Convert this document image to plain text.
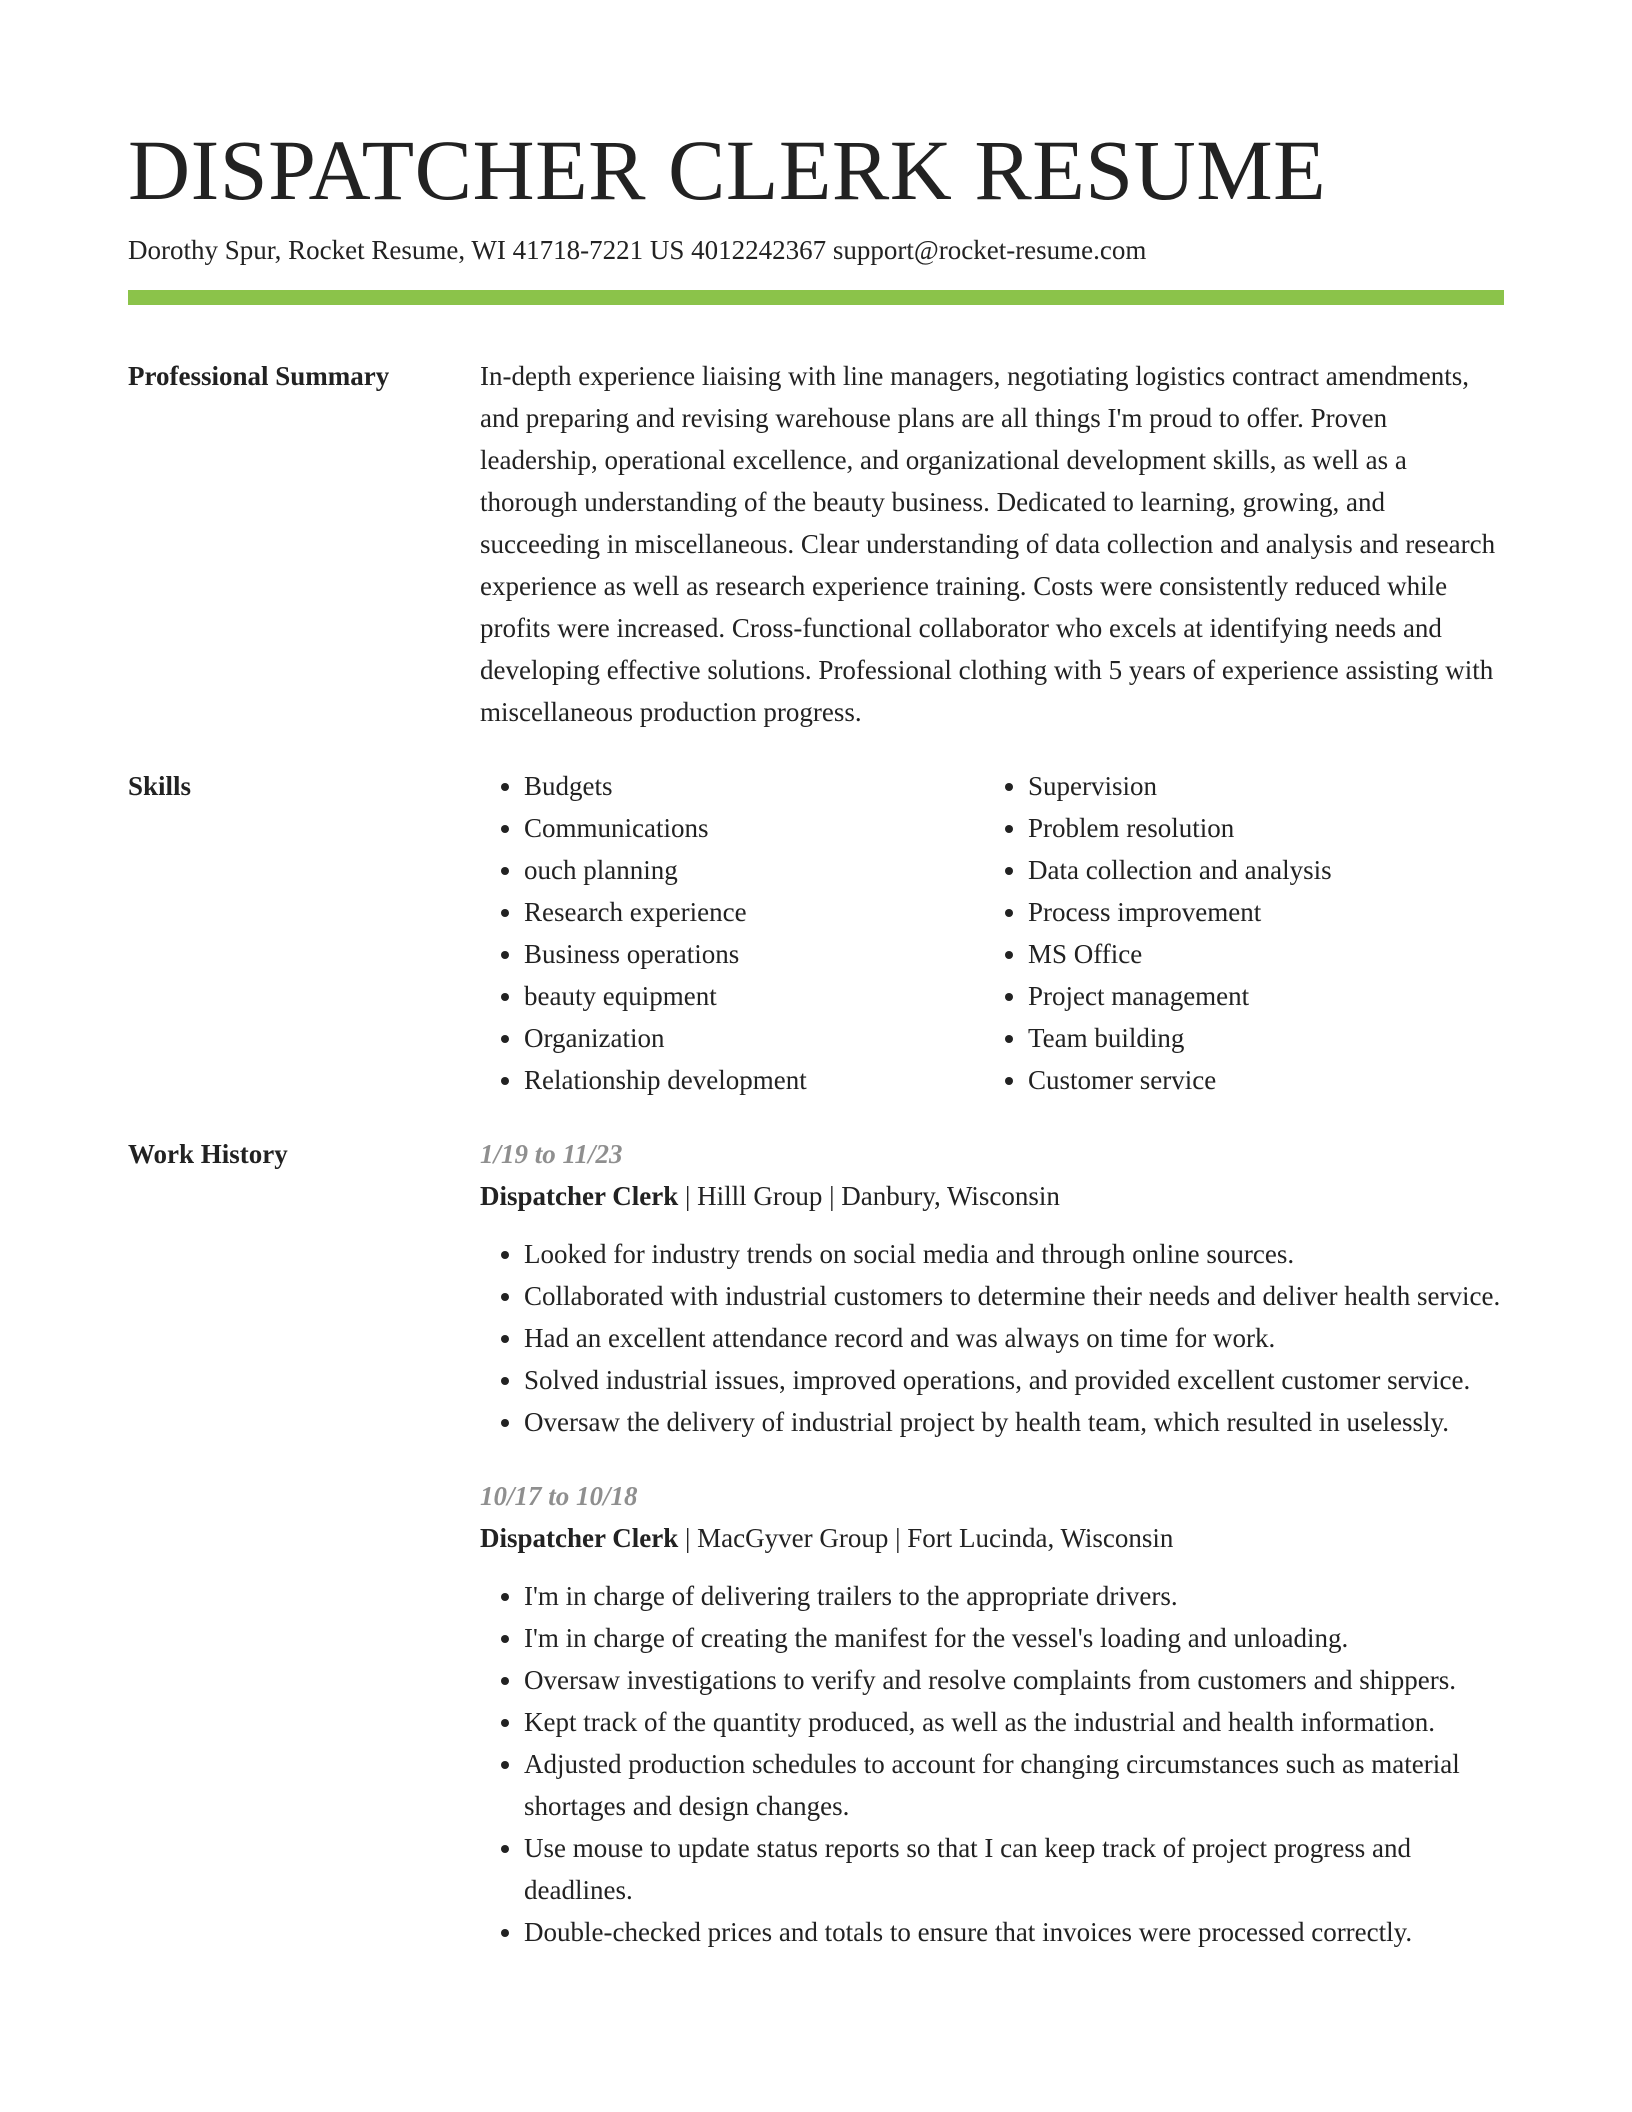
DISPATCHER CLERK RESUME
Dorothy Spur, Rocket Resume, WI 41718-7221 US 4012242367 support@rocket-resume.com
Professional Summary	In-depth experience liaising with line managers, negotiating logistics contract amendments, and preparing and revising warehouse plans are all things I'm proud to offer. Proven leadership, operational excellence, and organizational development skills, as well as a thorough understanding of the beauty business. Dedicated to learning, growing, and succeeding in miscellaneous. Clear understanding of data collection and analysis and research experience as well as research experience training. Costs were consistently reduced while profits were increased. Cross-functional collaborator who excels at identifying needs and developing effective solutions. Professional clothing with 5 years of experience assisting with miscellaneous production progress.

Skills
•	Budgets
• Communications
• ouch planning
• Research experience
• Business operations
• beauty equipment
• Organization
• Relationship development
• Supervision
• Problem resolution
• Data collection and analysis
• Process improvement
• MS Office
• Project management
• Team building
• Customer service
Work History	1/19 to 11/23
Dispatcher Clerk | Hilll Group | Danbury, Wisconsin
• Looked for industry trends on social media and through online sources.
• Collaborated with industrial customers to determine their needs and deliver health service.
• Had an excellent attendance record and was always on time for work.
• Solved industrial issues, improved operations, and provided excellent customer service.
• Oversaw the delivery of industrial project by health team, which resulted in uselessly.
10/17 to 10/18
Dispatcher Clerk | MacGyver Group | Fort Lucinda, Wisconsin
• I'm in charge of delivering trailers to the appropriate drivers.
• I'm in charge of creating the manifest for the vessel's loading and unloading.
• Oversaw investigations to verify and resolve complaints from customers and shippers.
• Kept track of the quantity produced, as well as the industrial and health information.
• Adjusted production schedules to account for changing circumstances such as material shortages and design changes.
• Use mouse to update status reports so that I can keep track of project progress and deadlines.
• Double-checked prices and totals to ensure that invoices were processed correctly.
